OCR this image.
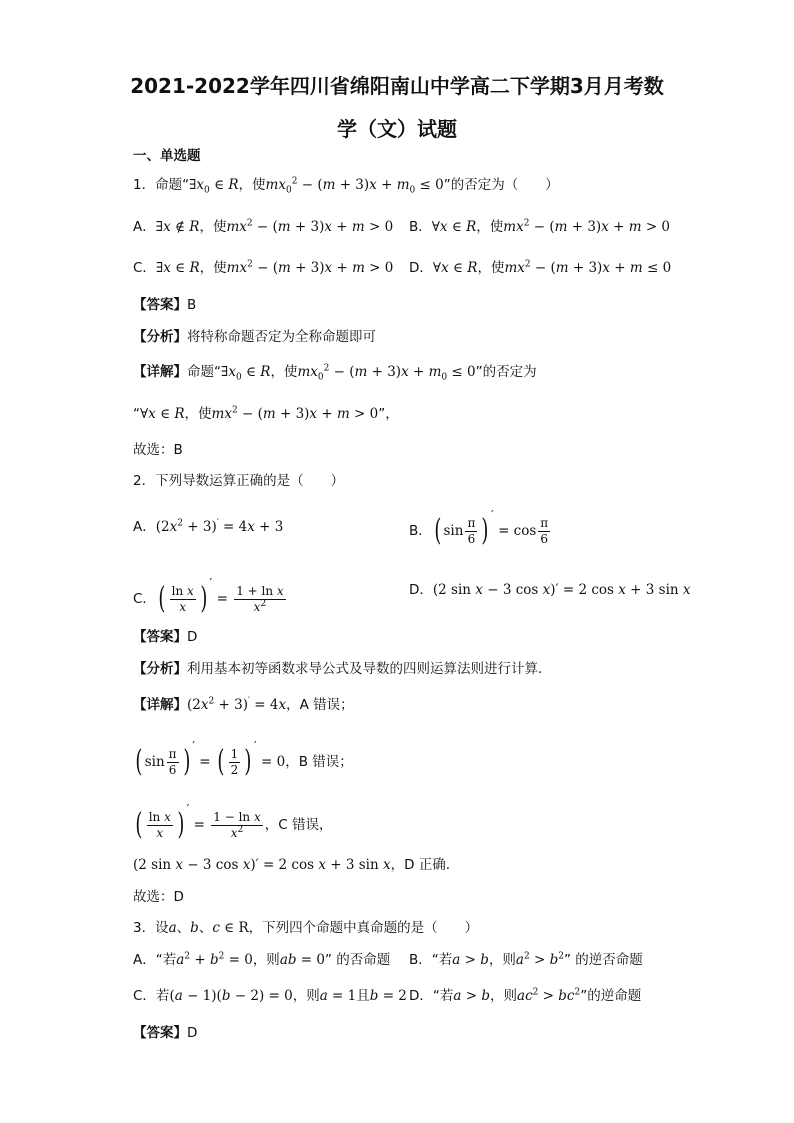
2021-2022学年四川省绵阳南山中学高二下学期3月月考数
学（文）试题
一、单选题
1．命题“$\exists x_0$ ∈ R，使$mx_0^2 - (m + 3)x + m_0 \le 0$”的否定为（　　）
A．∃x ∉ R，使$mx^2 - (m + 3)x + m > 0$ B．∀x ∈ R，使$mx^2 - (m + 3)x + m > 0$
C．∃x ∈ R，使$mx^2 - (m + 3)x + m > 0$ D．∀x ∈ R，使$mx^2 - (m + 3)x + m \le 0$
【答案】B
【分析】将特称命题否定为全称命题即可
【详解】命题“$\exists x_0$ ∈ R，使$mx_0^2 - (m + 3)x + m_0 \le 0$”的否定为
“∀x ∈ R，使$mx^2 - (m + 3)x + m > 0$”，
故选：B
2．下列导数运算正确的是（　　）
A．$(2x^2 + 3)' = 4x + 3$	B．( $\sin \frac{\pi}{6}$ ) ′ = $\cos \frac{\pi}{6}$
C．( $\frac{\text{ln x}}{x}$ ) ′ = $\frac{\text{1 + ln x}}{x^2}$	D．(2 sin x − 3 cos x)′ = 2 cos x + 3 sin x
【答案】D
【分析】利用基本初等函数求导公式及导数的四则运算法则进行计算.
【详解】$(2x^2 + 3)' = 4x$，A 错误；
( $\sin \frac{\pi}{6}$ ) ′ = ( $\frac{1}{2}$ ) ′ = 0，B 错误；
( $\frac{\text{ln x}}{x}$ ) ′ = $\frac{\text{1 − ln x}}{x^2}$ ，C 错误，
(2 sin x − 3 cos x)′ = 2 cos x + 3 sin x，D 正确.
故选：D
3．设a、b、c ∈ R，下列四个命题中真命题的是（　　）
A．“若$a^2 + b^2 = 0$，则ab = 0” 的否命题 B．“若a > b，则$a^2 > b^2$” 的逆否命题
C．若(a − 1)(b − 2) = 0，则a = 1且b = 2 D．“若a > b，则$ac^2 > bc^2$”的逆命题
【答案】D
